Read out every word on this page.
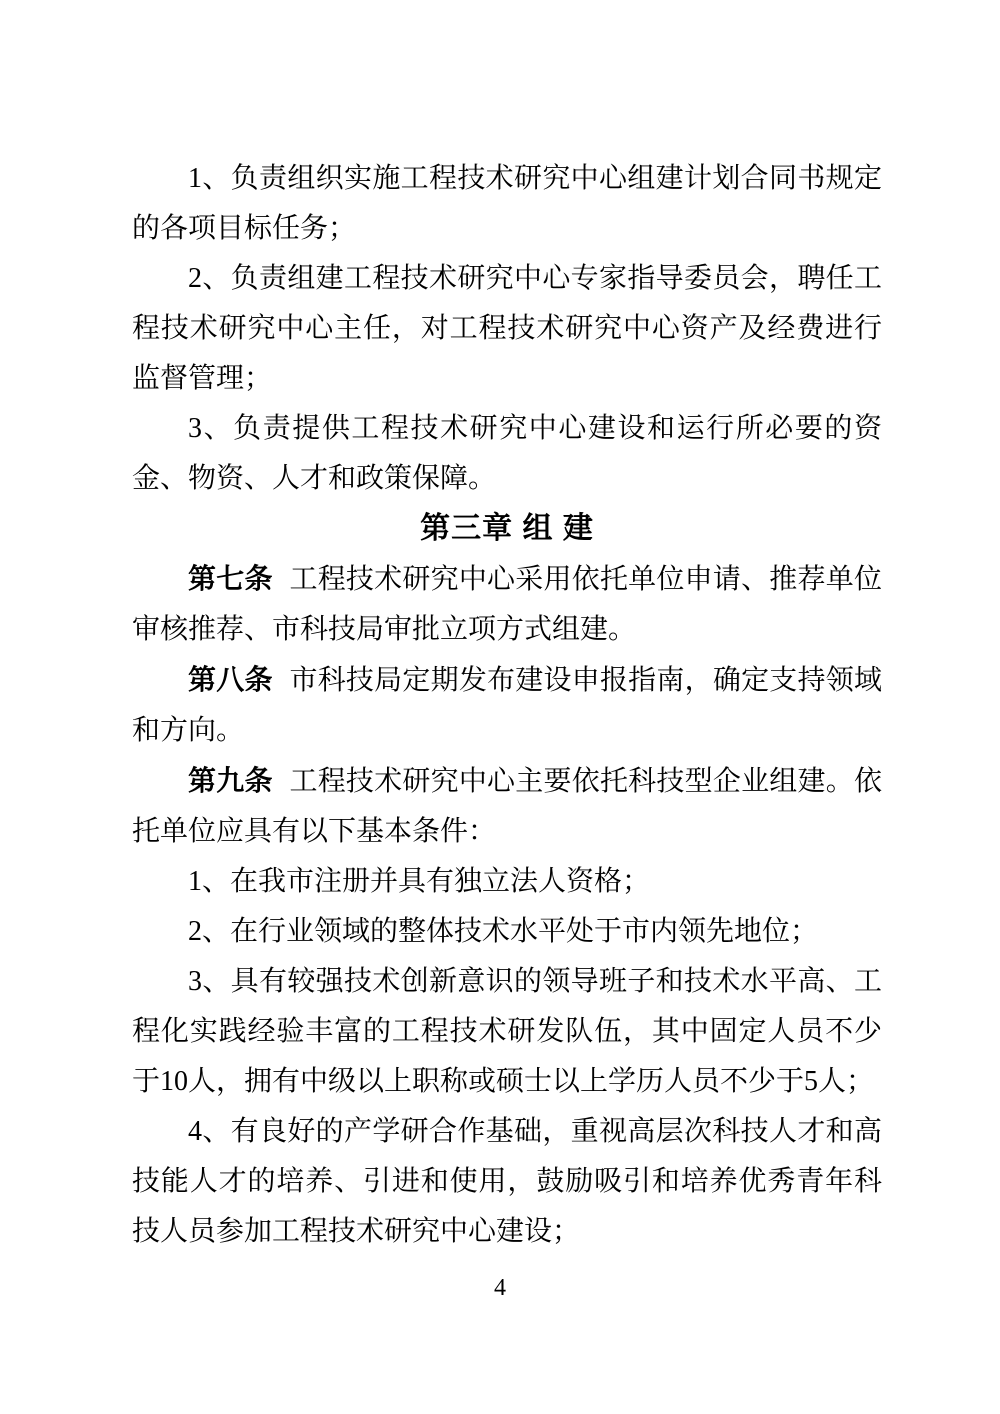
1、负责组织实施工程技术研究中心组建计划合同书规定的各项目标任务；

2、负责组建工程技术研究中心专家指导委员会，聘任工程技术研究中心主任，对工程技术研究中心资产及经费进行监督管理；

3、负责提供工程技术研究中心建设和运行所必要的资金、物资、人才和政策保障。

第三章 组 建

第七条 工程技术研究中心采用依托单位申请、推荐单位审核推荐、市科技局审批立项方式组建。

第八条 市科技局定期发布建设申报指南，确定支持领域和方向。

第九条 工程技术研究中心主要依托科技型企业组建。依托单位应具有以下基本条件：

1、在我市注册并具有独立法人资格；

2、在行业领域的整体技术水平处于市内领先地位；

3、具有较强技术创新意识的领导班子和技术水平高、工程化实践经验丰富的工程技术研发队伍，其中固定人员不少于10人，拥有中级以上职称或硕士以上学历人员不少于5人；

4、有良好的产学研合作基础，重视高层次科技人才和高技能人才的培养、引进和使用，鼓励吸引和培养优秀青年科技人员参加工程技术研究中心建设；

4
